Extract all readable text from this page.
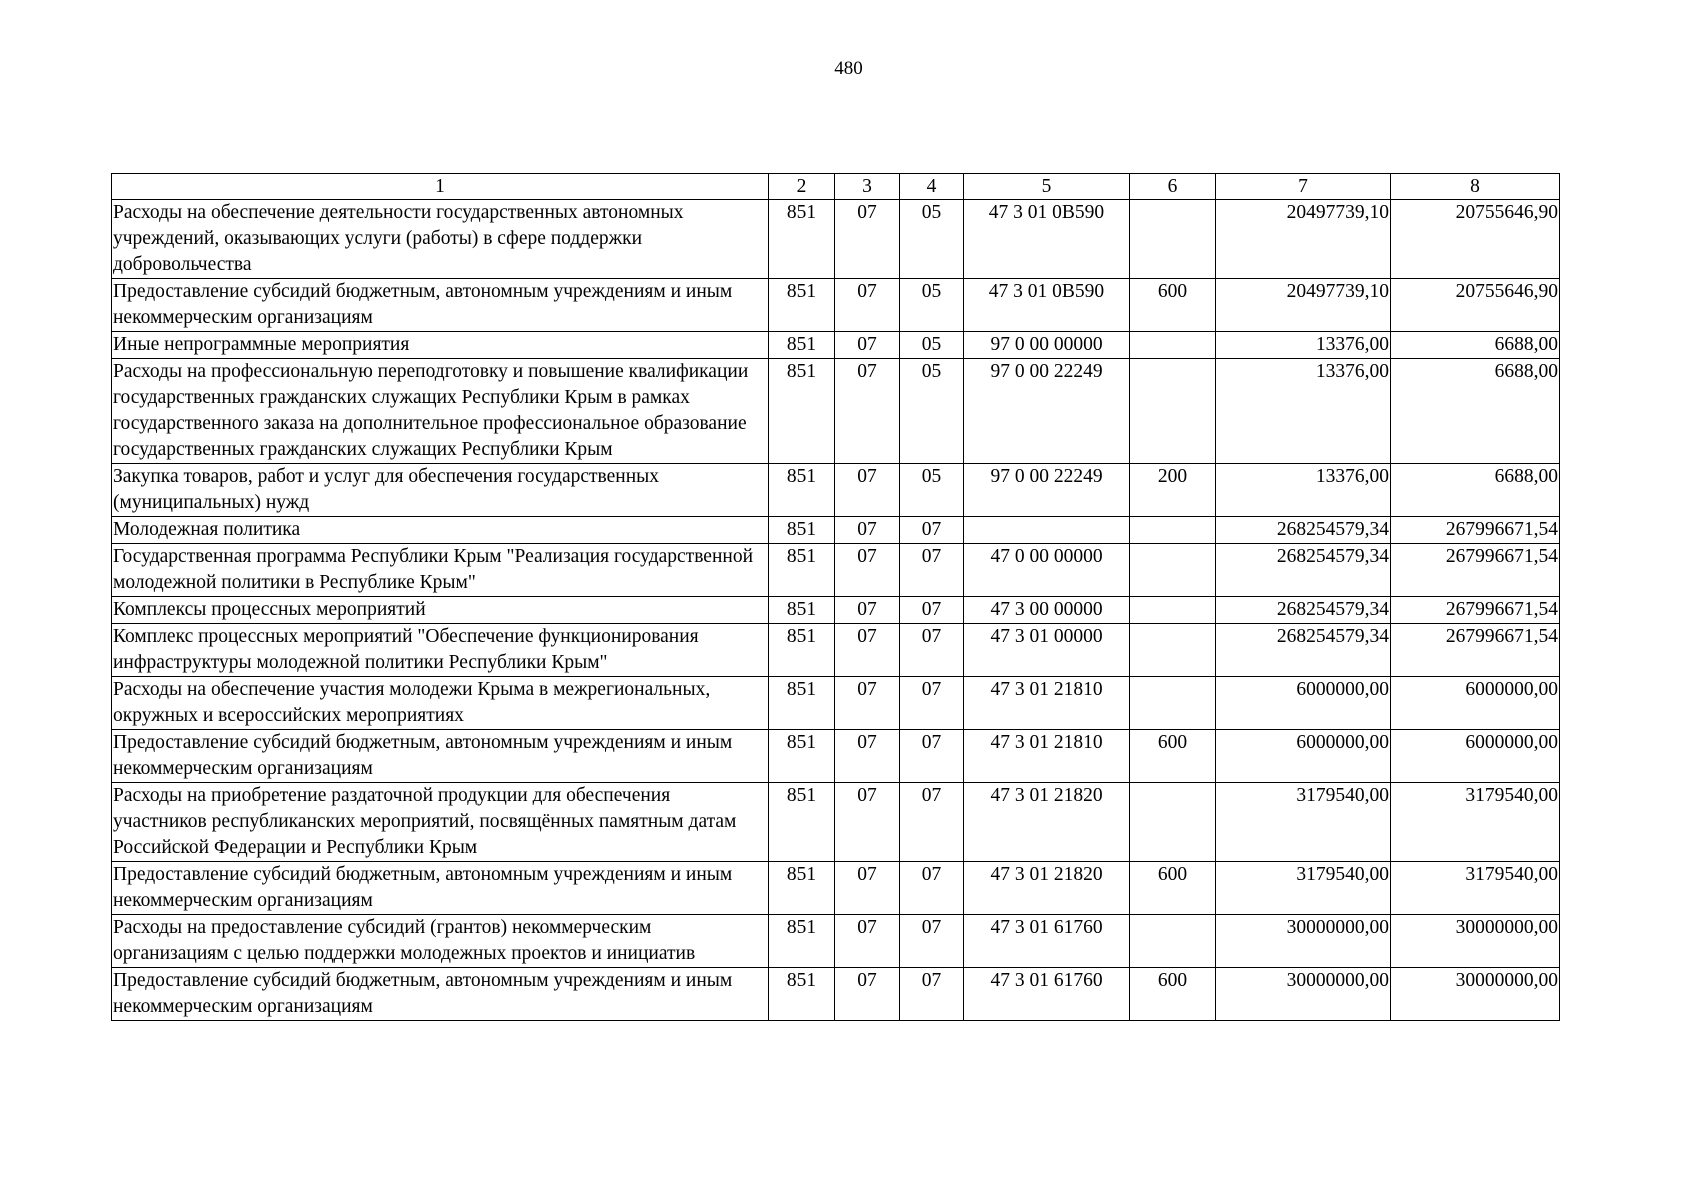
480
1	2	3	4	5	6	7	8
Расходы на обеспечение деятельности государственных автономных учреждений, оказывающих услуги (работы) в сфере поддержки добровольчества	851	07	05	47 3 01 0В590		20497739,10	20755646,90
Предоставление субсидий бюджетным, автономным учреждениям и иным некоммерческим организациям	851	07	05	47 3 01 0В590	600	20497739,10	20755646,90
Иные непрограммные мероприятия	851	07	05	97 0 00 00000		13376,00	6688,00
Расходы на профессиональную переподготовку и повышение квалификации государственных гражданских служащих Республики Крым в рамках государственного заказа на дополнительное профессиональное образование государственных гражданских служащих Республики Крым	851	07	05	97 0 00 22249		13376,00	6688,00
Закупка товаров, работ и услуг для обеспечения государственных (муниципальных) нужд	851	07	05	97 0 00 22249	200	13376,00	6688,00
Молодежная политика	851	07	07			268254579,34	267996671,54
Государственная программа Республики Крым "Реализация государственной молодежной политики в Республике Крым"	851	07	07	47 0 00 00000		268254579,34	267996671,54
Комплексы процессных мероприятий	851	07	07	47 3 00 00000		268254579,34	267996671,54
Комплекс процессных мероприятий "Обеспечение функционирования инфраструктуры молодежной политики Республики Крым"	851	07	07	47 3 01 00000		268254579,34	267996671,54
Расходы на обеспечение участия молодежи Крыма в межрегиональных, окружных и всероссийских мероприятиях	851	07	07	47 3 01 21810		6000000,00	6000000,00
Предоставление субсидий бюджетным, автономным учреждениям и иным некоммерческим организациям	851	07	07	47 3 01 21810	600	6000000,00	6000000,00
Расходы на приобретение раздаточной продукции для обеспечения участников республиканских мероприятий, посвящённых памятным датам Российской Федерации и Республики Крым	851	07	07	47 3 01 21820		3179540,00	3179540,00
Предоставление субсидий бюджетным, автономным учреждениям и иным некоммерческим организациям	851	07	07	47 3 01 21820	600	3179540,00	3179540,00
Расходы на предоставление субсидий (грантов) некоммерческим организациям с целью поддержки молодежных проектов и инициатив	851	07	07	47 3 01 61760		30000000,00	30000000,00
Предоставление субсидий бюджетным, автономным учреждениям и иным некоммерческим организациям	851	07	07	47 3 01 61760	600	30000000,00	30000000,00
